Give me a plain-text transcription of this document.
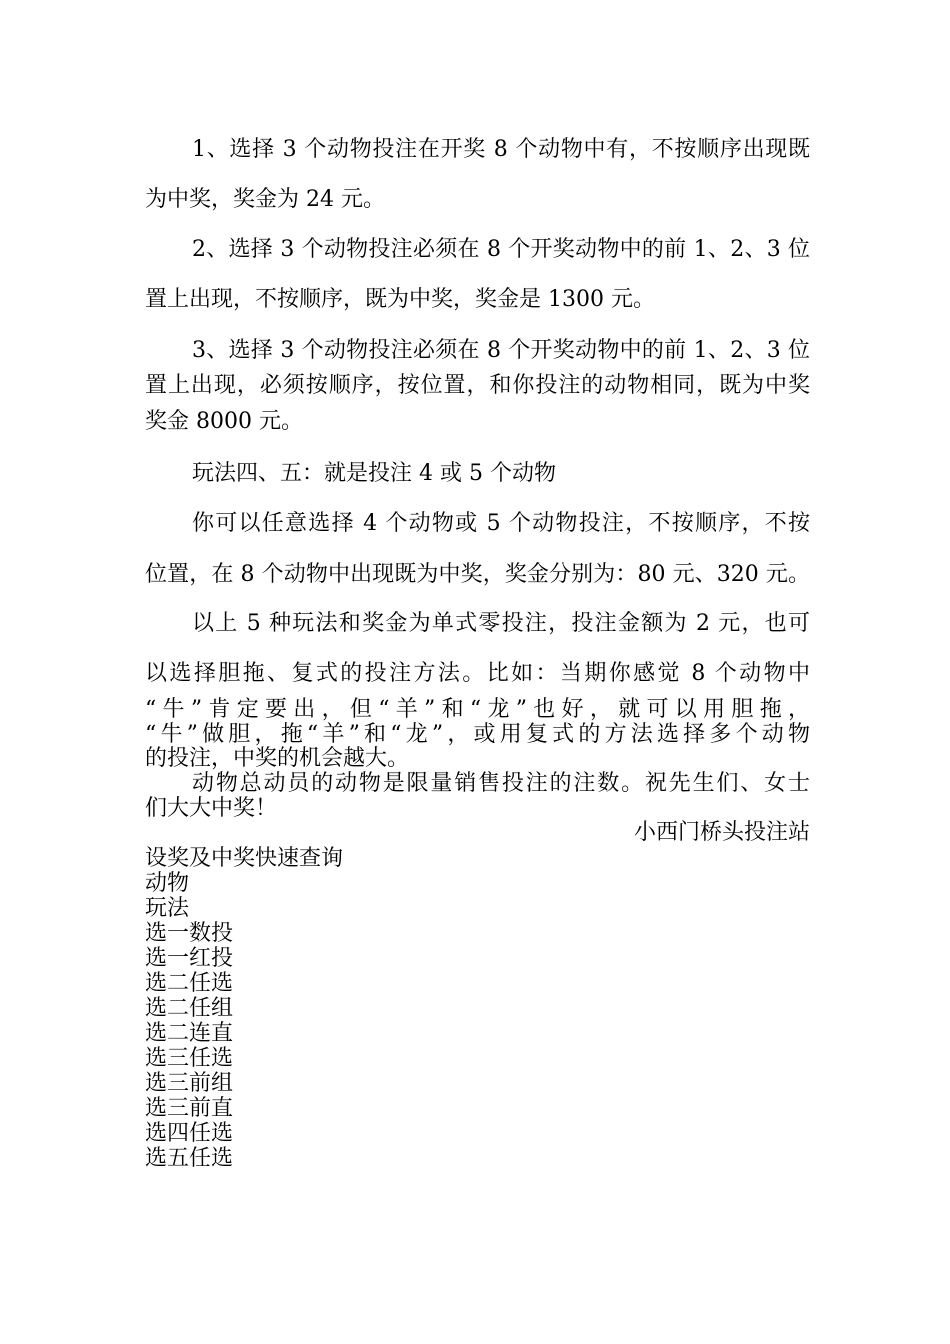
1、选择 3 个动物投注在开奖 8 个动物中有，不按顺序出现既
为中奖，奖金为 24 元。
2、选择 3 个动物投注必须在 8 个开奖动物中的前 1、2、3 位
置上出现，不按顺序，既为中奖，奖金是 1300 元。
3、选择 3 个动物投注必须在 8 个开奖动物中的前 1、2、3 位
置上出现，必须按顺序，按位置，和你投注的动物相同，既为中奖
奖金 8000 元。
玩法四、五：就是投注 4 或 5 个动物
你可以任意选择 4 个动物或 5 个动物投注，不按顺序，不按
位置，在 8 个动物中出现既为中奖，奖金分别为：80 元、320 元。
以上 5 种玩法和奖金为单式零投注，投注金额为 2 元，也可
以选择胆拖、复式的投注方法。比如：当期你感觉 8 个动物中
“牛”肯定要出，但“羊”和“龙”也好，就可以用胆拖，
“牛”做胆，拖“羊”和“龙”，或用复式的方法选择多个动物
的投注，中奖的机会越大。
动物总动员的动物是限量销售投注的注数。祝先生们、女士
们大大中奖！
小西门桥头投注站
设奖及中奖快速查询
动物
玩法
选一数投
选一红投
选二任选
选二任组
选二连直
选三任选
选三前组
选三前直
选四任选
选五任选
